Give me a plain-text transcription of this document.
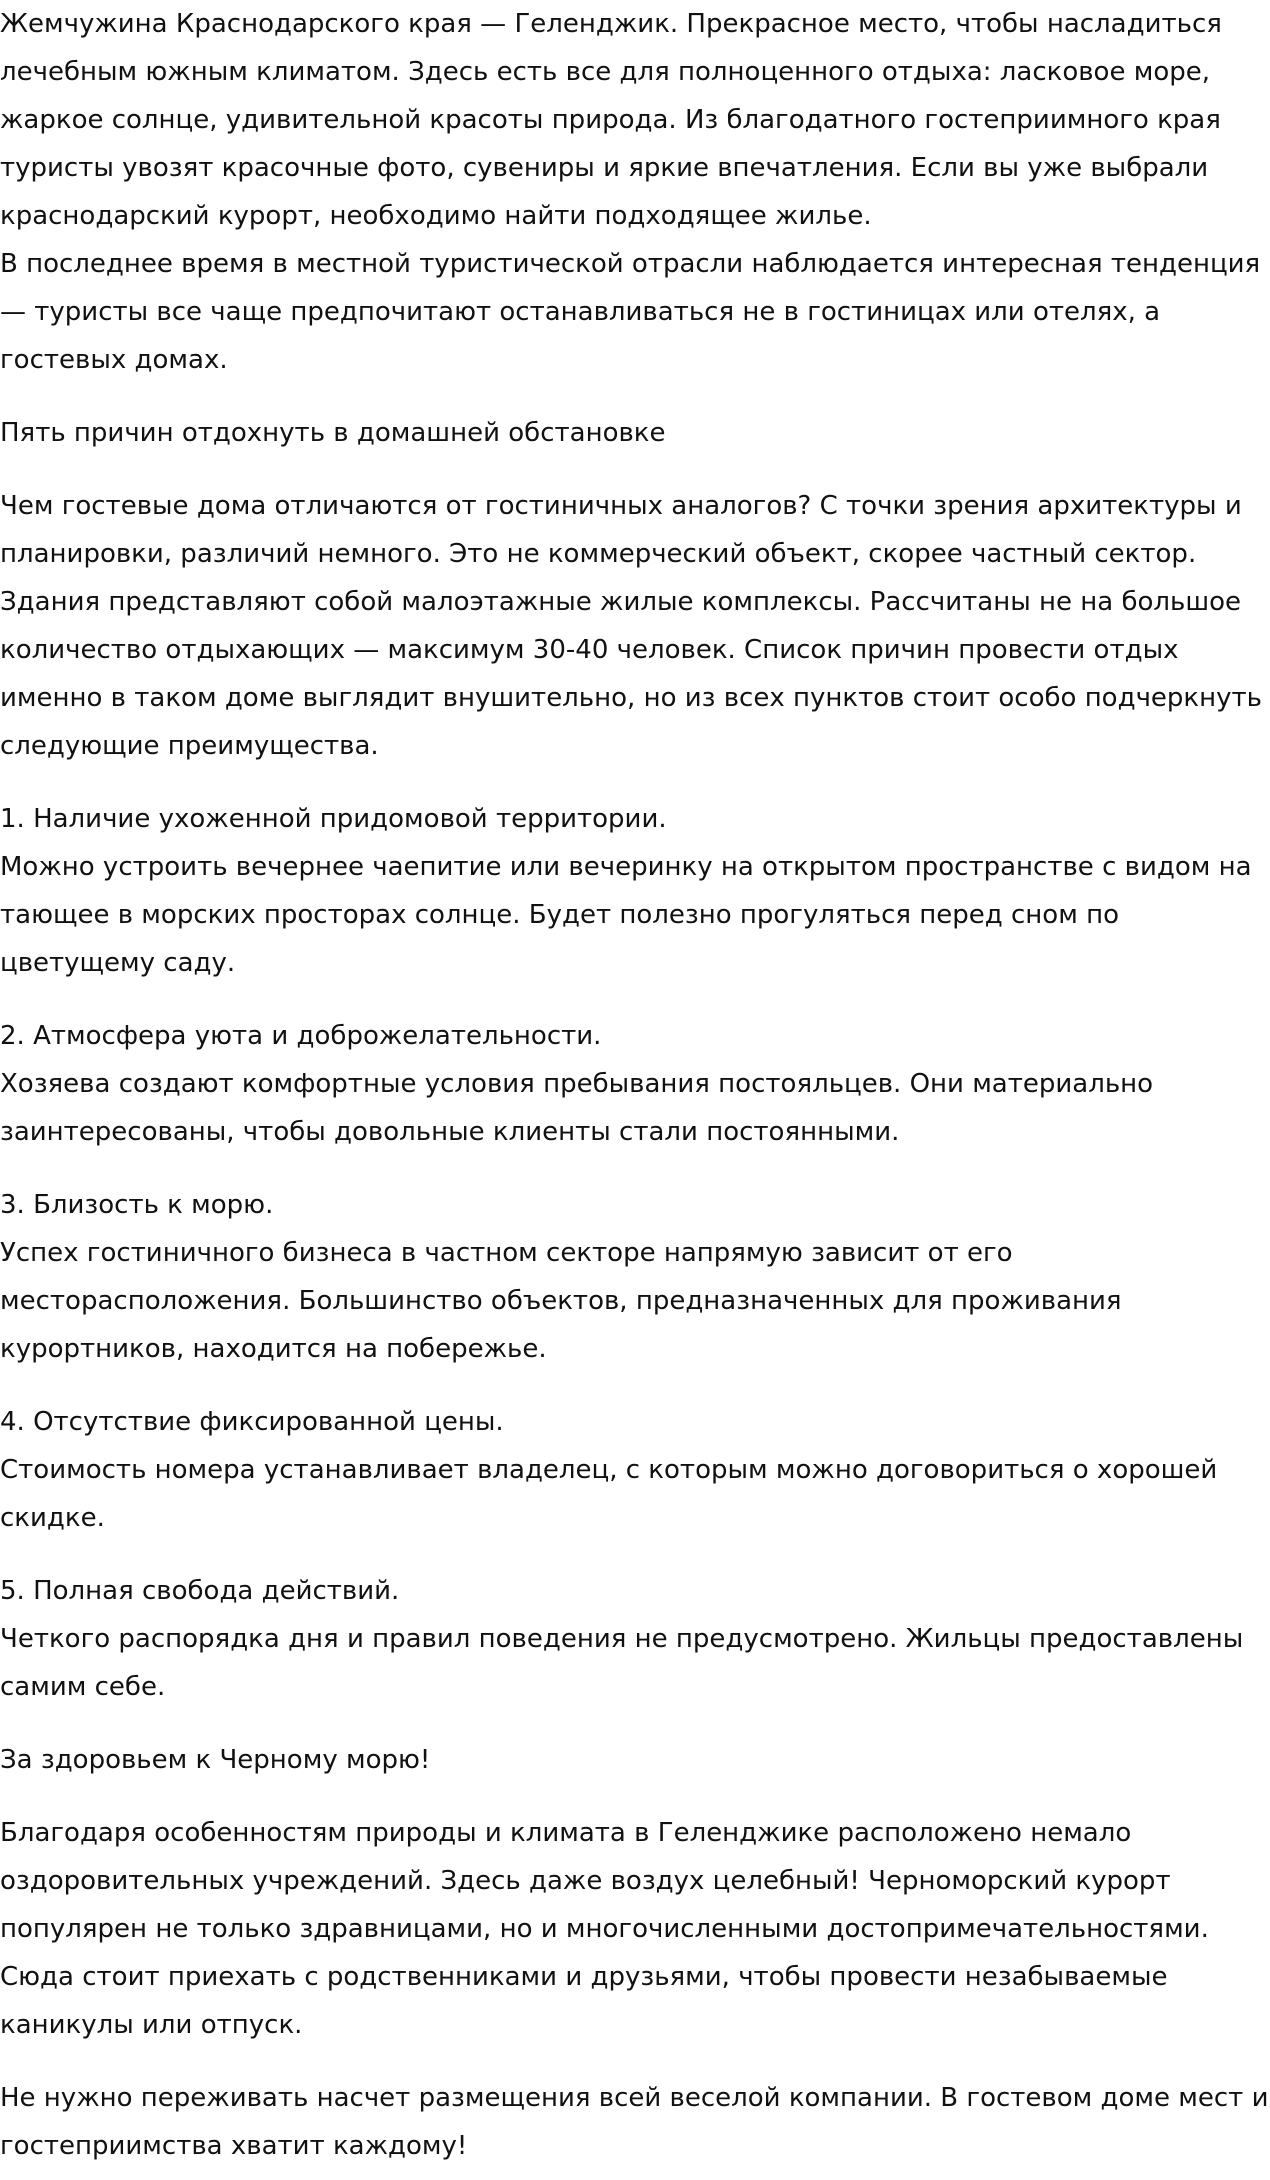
Жемчужина Краснодарского края — Геленджик. Прекрасное место, чтобы насладиться лечебным южным климатом. Здесь есть все для полноценного отдыха: ласковое море, жаркое солнце, удивительной красоты природа. Из благодатного гостеприимного края туристы увозят красочные фото, сувениры и яркие впечатления. Если вы уже выбрали краснодарский курорт, необходимо найти подходящее жилье.
В последнее время в местной туристической отрасли наблюдается интересная тенденция — туристы все чаще предпочитают останавливаться не в гостиницах или отелях, а гостевых домах.

Пять причин отдохнуть в домашней обстановке

Чем гостевые дома отличаются от гостиничных аналогов? С точки зрения архитектуры и планировки, различий немного. Это не коммерческий объект, скорее частный сектор. Здания представляют собой малоэтажные жилые комплексы. Рассчитаны не на большое количество отдыхающих — максимум 30-40 человек. Список причин провести отдых именно в таком доме выглядит внушительно, но из всех пунктов стоит особо подчеркнуть следующие преимущества.

1. Наличие ухоженной придомовой территории.
Можно устроить вечернее чаепитие или вечеринку на открытом пространстве с видом на тающее в морских просторах солнце. Будет полезно прогуляться перед сном по цветущему саду.

2. Атмосфера уюта и доброжелательности.
Хозяева создают комфортные условия пребывания постояльцев. Они материально заинтересованы, чтобы довольные клиенты стали постоянными.

3. Близость к морю.
Успех гостиничного бизнеса в частном секторе напрямую зависит от его месторасположения. Большинство объектов, предназначенных для проживания курортников, находится на побережье.

4. Отсутствие фиксированной цены.
Стоимость номера устанавливает владелец, с которым можно договориться о хорошей скидке.

5. Полная свобода действий.
Четкого распорядка дня и правил поведения не предусмотрено. Жильцы предоставлены самим себе.

За здоровьем к Черному морю!

Благодаря особенностям природы и климата в Геленджике расположено немало оздоровительных учреждений. Здесь даже воздух целебный! Черноморский курорт популярен не только здравницами, но и многочисленными достопримечательностями. Сюда стоит приехать с родственниками и друзьями, чтобы провести незабываемые каникулы или отпуск.

Не нужно переживать насчет размещения всей веселой компании. В гостевом доме мест и гостеприимства хватит каждому!
